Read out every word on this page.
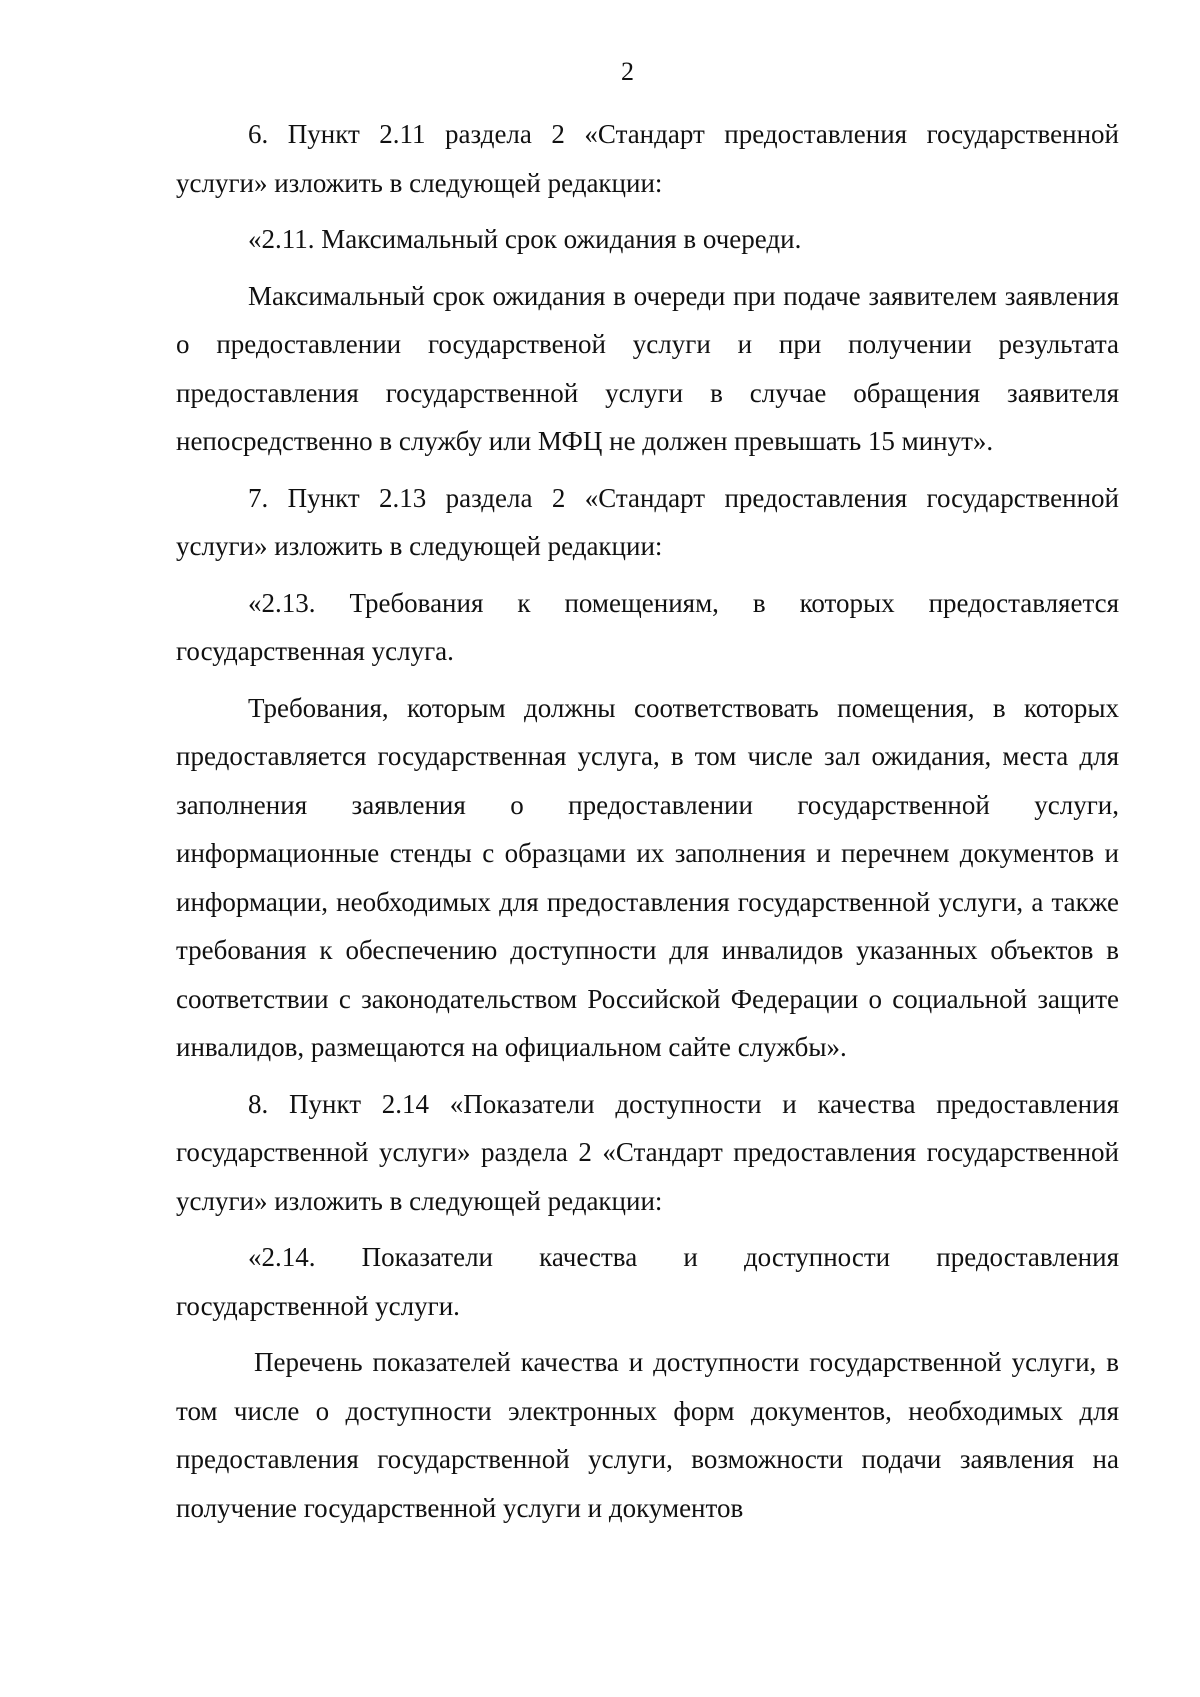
2

6. Пункт 2.11 раздела 2 «Стандарт предоставления государственной услуги» изложить в следующей редакции:

«2.11. Максимальный срок ожидания в очереди.

Максимальный срок ожидания в очереди при подаче заявителем заявления о предоставлении государственой услуги и при получении результата предоставления государственной услуги в случае обращения заявителя непосредственно в службу или МФЦ не должен превышать 15 минут».

7. Пункт 2.13 раздела 2 «Стандарт предоставления государственной услуги» изложить в следующей редакции:

«2.13. Требования к помещениям, в которых предоставляется государственная услуга.

Требования, которым должны соответствовать помещения, в которых предоставляется государственная услуга, в том числе зал ожидания, места для заполнения заявления о предоставлении государственной услуги, информационные стенды с образцами их заполнения и перечнем документов и информации, необходимых для предоставления государственной услуги, а также требования к обеспечению доступности для инвалидов указанных объектов в соответствии с законодательством Российской Федерации о социальной защите инвалидов, размещаются на официальном сайте службы».

8. Пункт 2.14 «Показатели доступности и качества предоставления государственной услуги» раздела 2 «Стандарт предоставления государственной услуги» изложить в следующей редакции:

«2.14. Показатели качества и доступности предоставления государственной услуги.

Перечень показателей качества и доступности государственной услуги, в том числе о доступности электронных форм документов, необходимых для предоставления государственной услуги, возможности подачи заявления на получение государственной услуги и документов
